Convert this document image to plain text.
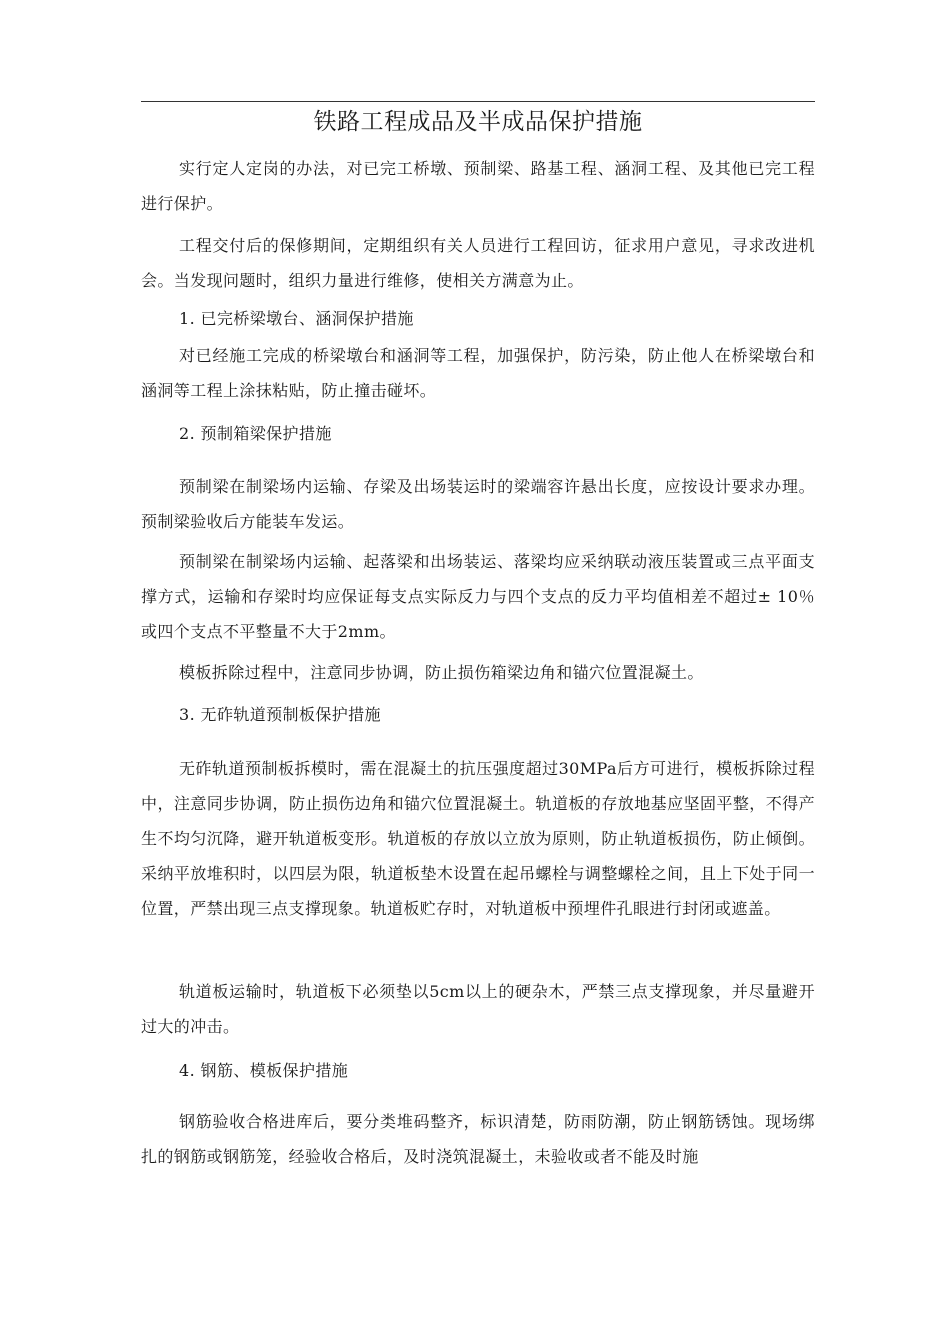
铁路工程成品及半成品保护措施

实行定人定岗的办法，对已完工桥墩、预制梁、路基工程、涵洞工程、及其他已完工程进行保护。

工程交付后的保修期间，定期组织有关人员进行工程回访，征求用户意见，寻求改进机会。当发现问题时，组织力量进行维修，使相关方满意为止。

1. 已完桥梁墩台、涵洞保护措施

对已经施工完成的桥梁墩台和涵洞等工程，加强保护，防污染，防止他人在桥梁墩台和涵洞等工程上涂抹粘贴，防止撞击碰坏。

2. 预制箱梁保护措施

预制梁在制梁场内运输、存梁及出场装运时的梁端容许悬出长度，应按设计要求办理。预制梁验收后方能装车发运。

预制梁在制梁场内运输、起落梁和出场装运、落梁均应采纳联动液压装置或三点平面支撑方式，运输和存梁时均应保证每支点实际反力与四个支点的反力平均值相差不超过± 10％或四个支点不平整量不大于2mm。

模板拆除过程中，注意同步协调，防止损伤箱梁边角和锚穴位置混凝土。

3. 无砟轨道预制板保护措施

无砟轨道预制板拆模时，需在混凝土的抗压强度超过30MPa后方可进行，模板拆除过程中，注意同步协调，防止损伤边角和锚穴位置混凝土。轨道板的存放地基应坚固平整，不得产生不均匀沉降，避开轨道板变形。轨道板的存放以立放为原则，防止轨道板损伤，防止倾倒。采纳平放堆积时，以四层为限，轨道板垫木设置在起吊螺栓与调整螺栓之间，且上下处于同一位置，严禁出现三点支撑现象。轨道板贮存时，对轨道板中预埋件孔眼进行封闭或遮盖。

轨道板运输时，轨道板下必须垫以5cm以上的硬杂木，严禁三点支撑现象，并尽量避开过大的冲击。

4. 钢筋、模板保护措施

钢筋验收合格进库后，要分类堆码整齐，标识清楚，防雨防潮，防止钢筋锈蚀。现场绑扎的钢筋或钢筋笼，经验收合格后，及时浇筑混凝土，未验收或者不能及时施
